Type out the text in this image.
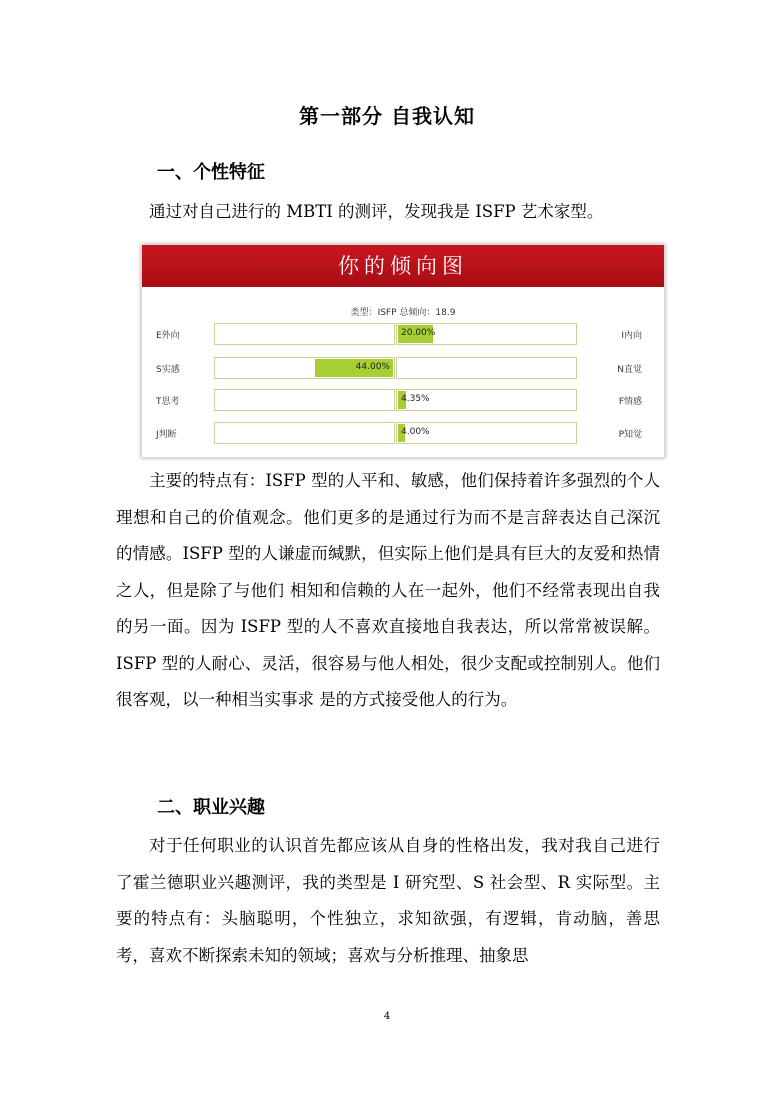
第一部分 自我认知
一、个性特征
通过对自己进行的 MBTI 的测评，发现我是 ISFP 艺术家型。
你的倾向图
类型：ISFP 总倾向：18.9
E外向	20.00%	I内向
S实感	44.00%	N直觉
T思考	4.35%	F情感
J判断	4.00%	P知觉
主要的特点有：ISFP 型的人平和、敏感，他们保持着许多强烈的个人理想和自己的价值观念。他们更多的是通过行为而不是言辞表达自己深沉的情感。ISFP 型的人谦虚而缄默，但实际上他们是具有巨大的友爱和热情之人，但是除了与他们 相知和信赖的人在一起外，他们不经常表现出自我的另一面。因为 ISFP 型的人不喜欢直接地自我表达，所以常常被误解。ISFP 型的人耐心、灵活，很容易与他人相处，很少支配或控制别人。他们很客观，以一种相当实事求 是的方式接受他人的行为。
二、职业兴趣
对于任何职业的认识首先都应该从自身的性格出发，我对我自己进行了霍兰德职业兴趣测评，我的类型是 I 研究型、S 社会型、R 实际型。主要的特点有：头脑聪明，个性独立，求知欲强，有逻辑，肯动脑，善思考，喜欢不断探索未知的领域；喜欢与分析推理、抽象思
4
